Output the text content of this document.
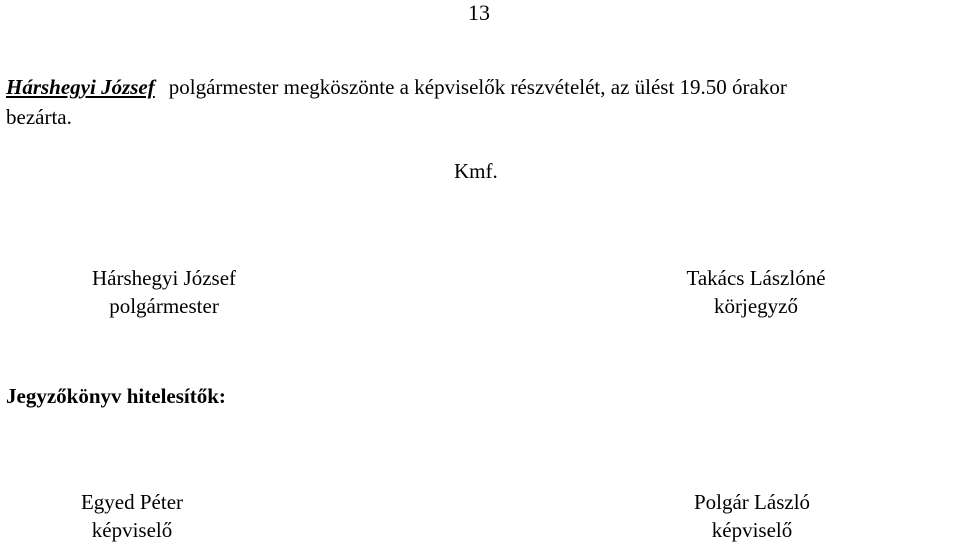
13
Hárshegyi József polgármester megköszönte a képviselők részvételét, az ülést 19.50 órakor
bezárta.
Kmf.
Hárshegyi József
polgármester
Takács Lászlóné
körjegyző
Jegyzőkönyv hitelesítők:
Egyed Péter
képviselő
Polgár László
képviselő
